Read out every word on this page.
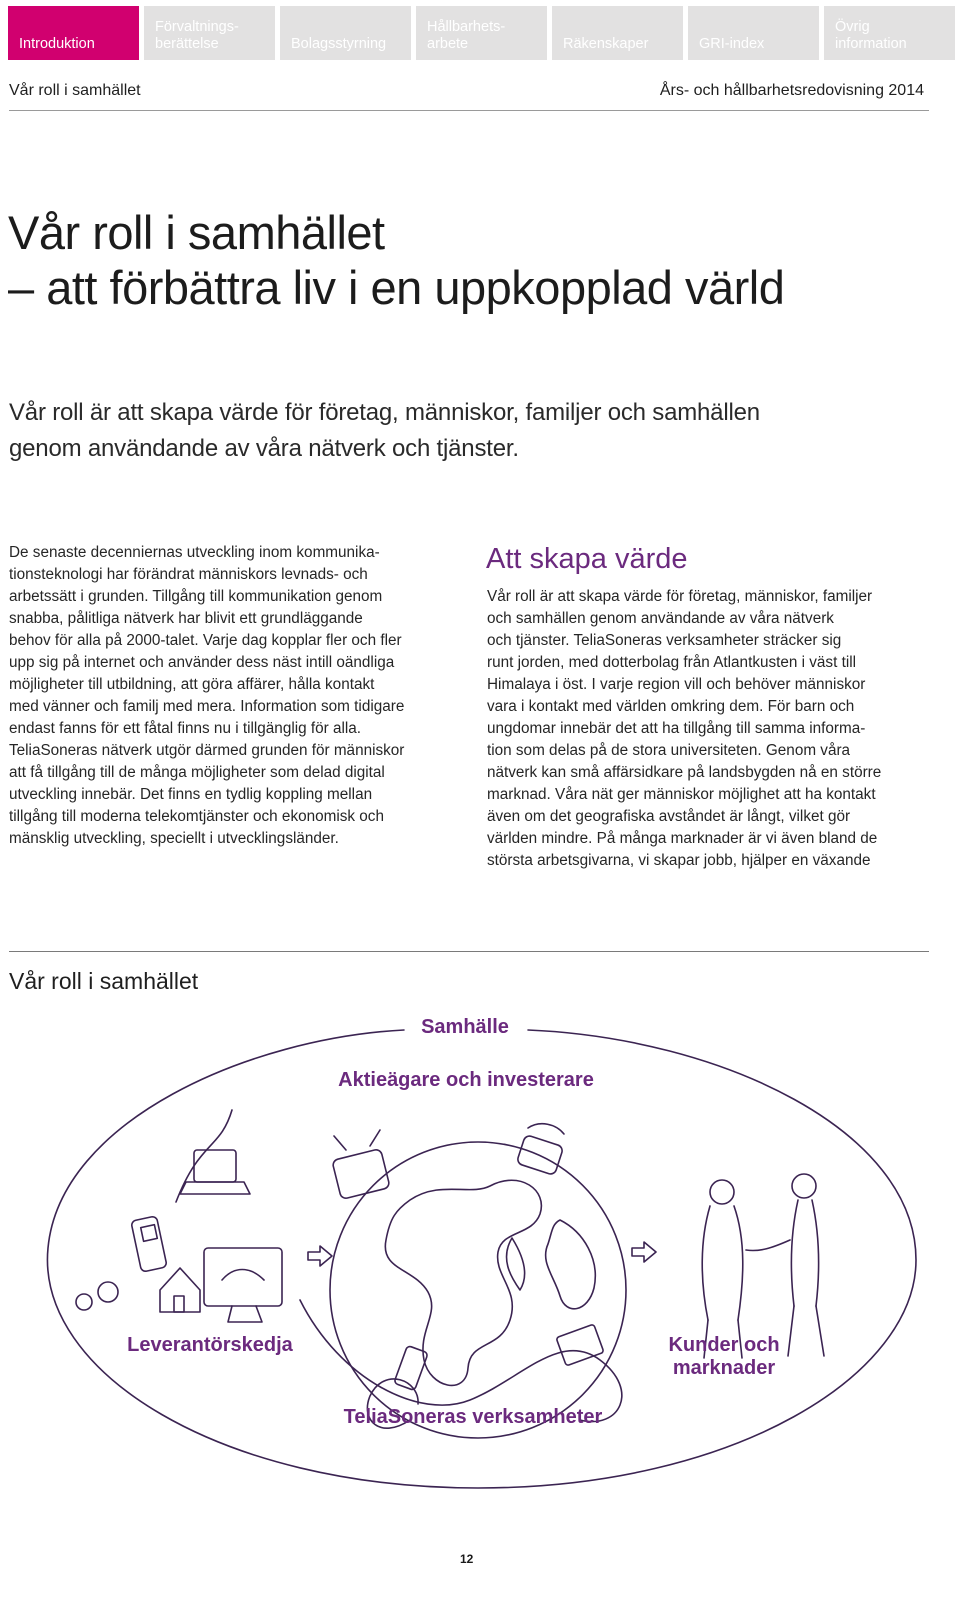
Introduktion
Förvaltnings- berättelse	Bolagsstyrning
Hållbarhets- arbete	Räkenskaper	GRI-index
Övrig information
Vår roll i samhället	Års- och hållbarhetsredovisning 2014
Vår roll i samhället
– att förbättra liv i en uppkopplad värld

Vår roll är att skapa värde för företag, människor, familjer och samhällen
genom användande av våra nätverk och tjänster.

De senaste decenniernas utveckling inom kommunika-
tionsteknologi har förändrat människors levnads- och
arbetssätt i grunden. Tillgång till kommunikation genom
snabba, pålitliga nätverk har blivit ett grundläggande
behov för alla på 2000-talet. Varje dag kopplar fler och fler
upp sig på internet och använder dess näst intill oändliga
möjligheter till utbildning, att göra affärer, hålla kontakt
med vänner och familj med mera. Information som tidigare
endast fanns för ett fåtal finns nu i tillgänglig för alla.
TeliaSoneras nätverk utgör därmed grunden för människor
att få tillgång till de många möjligheter som delad digital
utveckling innebär. Det finns en tydlig koppling mellan
tillgång till moderna telekomtjänster och ekonomisk och
mänsklig utveckling, speciellt i utvecklingsländer.
Att skapa värde
Vår roll är att skapa värde för företag, människor, familjer
och samhällen genom användande av våra nätverk
och tjänster. TeliaSoneras verksamheter sträcker sig
runt jorden, med dotterbolag från Atlantkusten i väst till
Himalaya i öst. I varje region vill och behöver människor
vara i kontakt med världen omkring dem. För barn och
ungdomar innebär det att ha tillgång till samma informa-
tion som delas på de stora universiteten. Genom våra
nätverk kan små affärsidkare på landsbygden nå en större
marknad. Våra nät ger människor möjlighet att ha kontakt
även om det geografiska avståndet är långt, vilket gör
världen mindre. På många marknader är vi även bland de
största arbetsgivarna, vi skapar jobb, hjälper en växande
Vår roll i samhället
Samhälle
Aktieägare och investerare
Leverantörskedja
TeliaSoneras verksamheter
Kunder och
marknader
12
